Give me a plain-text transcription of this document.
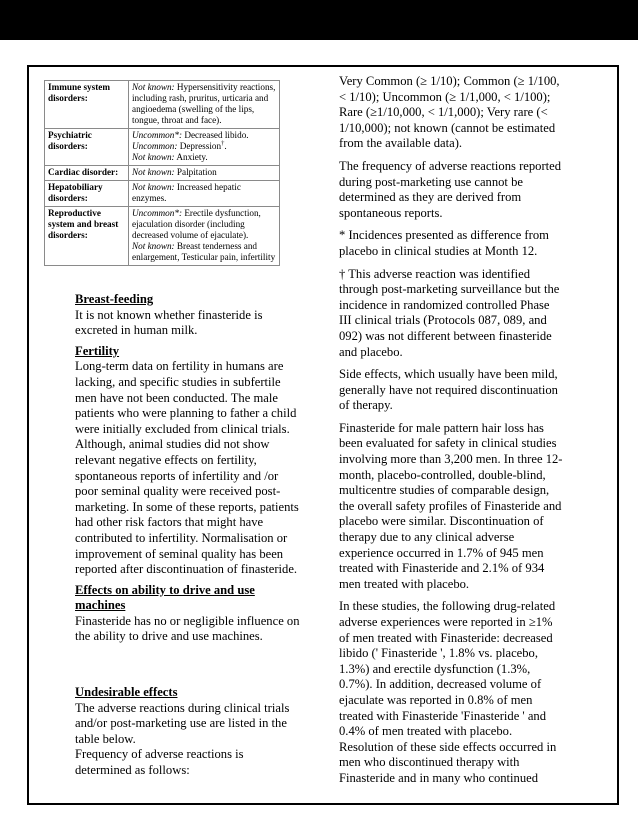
Immune system disorders:	Not known: Hypersensitivity reactions, including rash, pruritus, urticaria and angioedema (swelling of the lips, tongue, throat and face).

Psychiatric disorders:	Uncommon*: Decreased libido.
Uncommon: Depression†.
Not known: Anxiety.

Cardiac disorder:	Not known: Palpitation

Hepatobiliary disorders:	Not known: Increased hepatic enzymes.

Reproductive system and breast disorders:	Uncommon*: Erectile dysfunction, ejaculation disorder (including decreased volume of ejaculate).
Not known: Breast tenderness and enlargement, Testicular pain, infertility
Breast-feeding

It is not known whether finasteride is excreted in human milk.

Fertility

Long-term data on fertility in humans are lacking, and specific studies in subfertile men have not been conducted. The male patients who were planning to father a child were initially excluded from clinical trials. Although, animal studies did not show relevant negative effects on fertility, spontaneous reports of infertility and /or poor seminal quality were received post-marketing. In some of these reports, patients had other risk factors that might have contributed to infertility. Normalisation or improvement of seminal quality has been reported after discontinuation of finasteride.

Effects on ability to drive and use machines

Finasteride has no or negligible influence on the ability to drive and use machines.

Undesirable effects

The adverse reactions during clinical trials and/or post-marketing use are listed in the table below.

Frequency of adverse reactions is determined as follows:

Very Common (≥ 1/10); Common (≥ 1/100, < 1/10); Uncommon (≥ 1/1,000, < 1/100); Rare (≥1/10,000, < 1/1,000); Very rare (< 1/10,000); not known (cannot be estimated from the available data).

The frequency of adverse reactions reported during post-marketing use cannot be determined as they are derived from spontaneous reports.

* Incidences presented as difference from placebo in clinical studies at Month 12.

† This adverse reaction was identified through post-marketing surveillance but the incidence in randomized controlled Phase III clinical trials (Protocols 087, 089, and 092) was not different between finasteride and placebo.

Side effects, which usually have been mild, generally have not required discontinuation of therapy.

Finasteride for male pattern hair loss has been evaluated for safety in clinical studies involving more than 3,200 men. In three 12-month, placebo-controlled, double-blind, multicentre studies of comparable design, the overall safety profiles of Finasteride and placebo were similar. Discontinuation of therapy due to any clinical adverse experience occurred in 1.7% of 945 men treated with Finasteride and 2.1% of 934 men treated with placebo.

In these studies, the following drug-related adverse experiences were reported in ≥1% of men treated with Finasteride: decreased libido (' Finasteride ', 1.8% vs. placebo, 1.3%) and erectile dysfunction (1.3%, 0.7%). In addition, decreased volume of ejaculate was reported in 0.8% of men treated with Finasteride 'Finasteride ' and 0.4% of men treated with placebo. Resolution of these side effects occurred in men who discontinued therapy with Finasteride and in many who continued
